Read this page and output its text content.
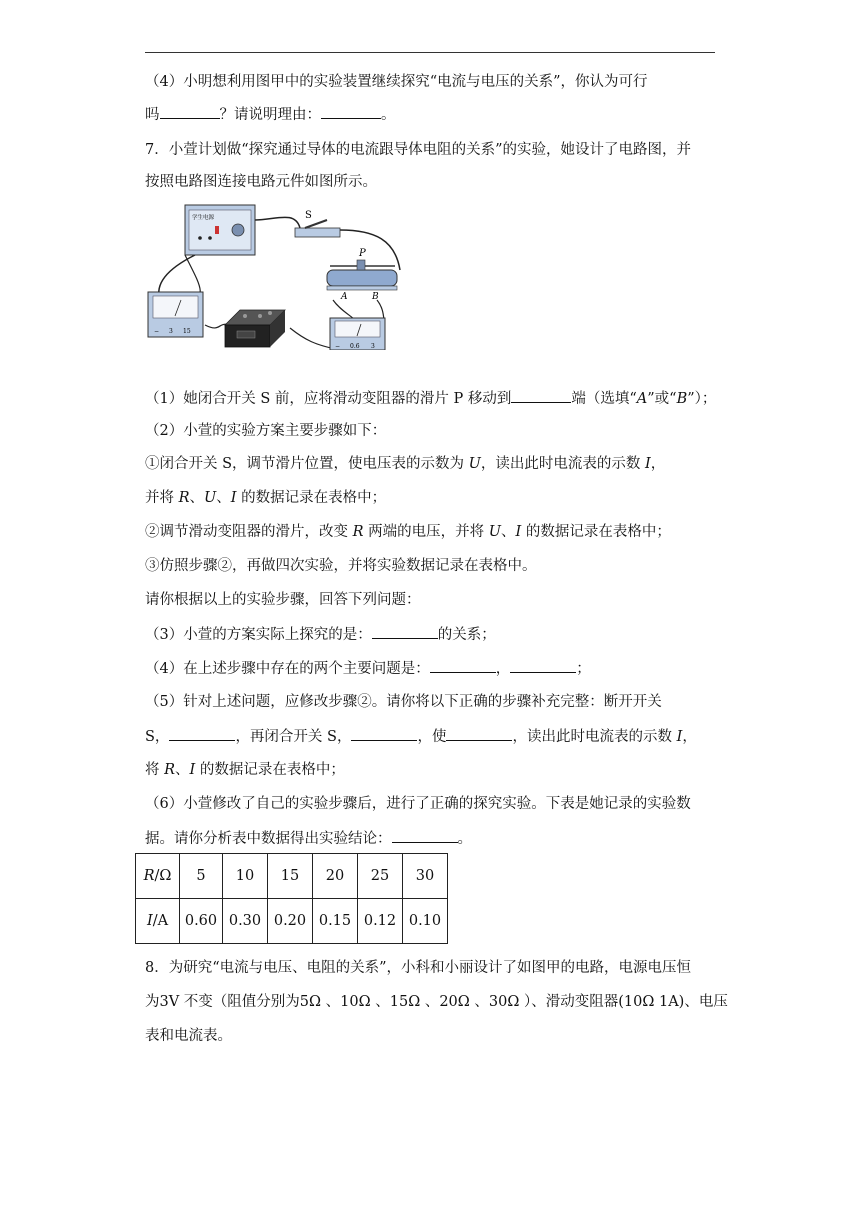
（4）小明想利用图甲中的实验装置继续探究“电流与电压的关系”，你认为可行
吗	？请说明理由：	。
7．小萱计划做“探究通过导体的电流跟导体电阻的关系”的实验，她设计了电路图，并
按照电路图连接电路元件如图所示。
学生电源	S
P
A	B
− 3 15
− 0.6 3
（1）她闭合开关 S 前，应将滑动变阻器的滑片 P 移动到	端（选填“A”或“B”）；
（2）小萱的实验方案主要步骤如下：
①闭合开关 S，调节滑片位置，使电压表的示数为 U，读出此时电流表的示数 I，
并将 R、U、I 的数据记录在表格中；
②调节滑动变阻器的滑片，改变 R 两端的电压，并将 U、I 的数据记录在表格中；
③仿照步骤②，再做四次实验，并将实验数据记录在表格中。
请你根据以上的实验步骤，回答下列问题：
（3）小萱的方案实际上探究的是：	的关系；
（4）在上述步骤中存在的两个主要问题是：	，	；
（5）针对上述问题，应修改步骤②。请你将以下正确的步骤补充完整：断开开关
S，	，再闭合开关 S，	，使	，读出此时电流表的示数 I，
将 R、I 的数据记录在表格中；
（6）小萱修改了自己的实验步骤后，进行了正确的探究实验。下表是她记录的实验数
据。请你分析表中数据得出实验结论：	。
R/Ω	5	10	15	20	25	30
I/A	0.60	0.30	0.20	0.15	0.12	0.10
8．为研究“电流与电压、电阻的关系”，小科和小丽设计了如图甲的电路，电源电压恒
为3V 不变（阻值分别为5Ω 、10Ω 、15Ω 、20Ω 、30Ω ）、滑动变阻器(10Ω 1A)、电压
表和电流表。
